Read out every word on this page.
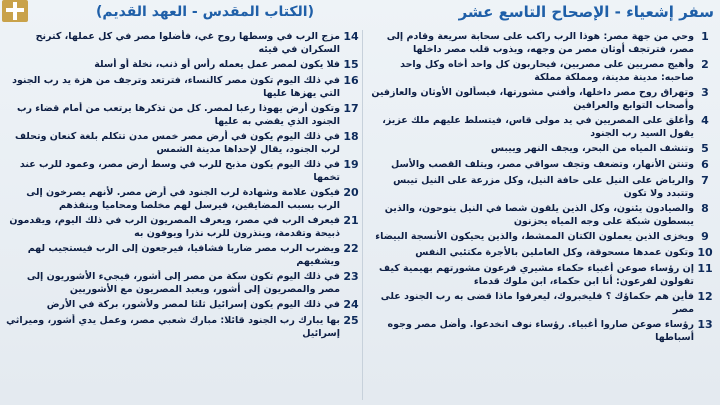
سفر إشعياء - الإصحاح التاسع عشر
(الكتاب المقدس - العهد القديم)
1
وحي من جهة مصر: هوذا الرب راكب على سحابة سريعة وقادم إلى مصر، فترتجف أوثان مصر من وجهه، ويذوب قلب مصر داخلها
2
وأهيج مصريين على مصريين، فيحاربون كل واحد أخاه وكل واحد صاحبه: مدينة مدينة، ومملكة مملكة
3
وتهراق روح مصر داخلها، وأفني مشورتها، فيسألون الأوثان والعازفين وأصحاب التوابع والعرافين
4
وأغلق على المصريين في يد مولى قاس، فيتسلط عليهم ملك عزيز، يقول السيد رب الجنود
5
وتنشف المياه من البحر، ويجف النهر وييبس
6
وتنتن الأنهار، وتضعف وتجف سواقي مصر، ويتلف القصب والأسل
7
والرياض على النيل على حافة النيل، وكل مزرعة على النيل تيبس وتتبدد ولا تكون
8
والصيادون يئنون، وكل الذين يلقون شصا في النيل ينوحون، والذين يبسطون شبكة على وجه المياه يحزنون
9
ويخزى الذين يعملون الكتان الممشط، والذين يحيكون الأنسجة البيضاء
10
وتكون عمدها مسحوقة، وكل العاملين بالأجرة مكتئبي النفس
11
إن رؤساء صوعن أغبياء حكماء مشيري فرعون مشورتهم بهيمية كيف تقولون لفرعون: أنا ابن حكماء، ابن ملوك قدماء
12
فأين هم حكماؤك ؟ فليخبروك، ليعرفوا ماذا قضى به رب الجنود على مصر
13
رؤساء صوعن صاروا أغبياء. رؤساء نوف انخدعوا. وأضل مصر وجوه أسباطها
14
مزج الرب في وسطها روح غي، فأضلوا مصر في كل عملها، كترنح السكران في قيئه
15
فلا يكون لمصر عمل يعمله رأس أو ذنب، نخلة أو أسلة
16
في ذلك اليوم تكون مصر كالنساء، فترتعد وترجف من هزة يد رب الجنود التي يهزها عليها
17
وتكون أرض يهوذا رعبا لمصر. كل من تذكرها يرتعب من أمام قضاء رب الجنود الذي يقضي به عليها
18
في ذلك اليوم يكون في أرض مصر خمس مدن تتكلم بلغة كنعان وتحلف لرب الجنود، يقال لإحداها مدينة الشمس
19
في ذلك اليوم يكون مذبح للرب في وسط أرض مصر، وعمود للرب عند تخمها
20
فيكون علامة وشهادة لرب الجنود في أرض مصر. لأنهم يصرخون إلى الرب بسبب المضايقين، فيرسل لهم مخلصا ومحاميا وينقذهم
21
فيعرف الرب في مصر، ويعرف المصريون الرب في ذلك اليوم، ويقدمون ذبيحة وتقدمة، وينذرون للرب نذرا ويوفون به
22
ويضرب الرب مصر ضاربا فشافيا، فيرجعون إلى الرب فيستجيب لهم ويشفيهم
23
في ذلك اليوم تكون سكة من مصر إلى أشور، فيجيء الأشوريون إلى مصر والمصريون إلى أشور، ويعبد المصريون مع الأشوريين
24
في ذلك اليوم يكون إسرائيل ثلثا لمصر ولأشور، بركة في الأرض
25
بها يبارك رب الجنود قائلا: مبارك شعبي مصر، وعمل يدي أشور، وميراثي إسرائيل
